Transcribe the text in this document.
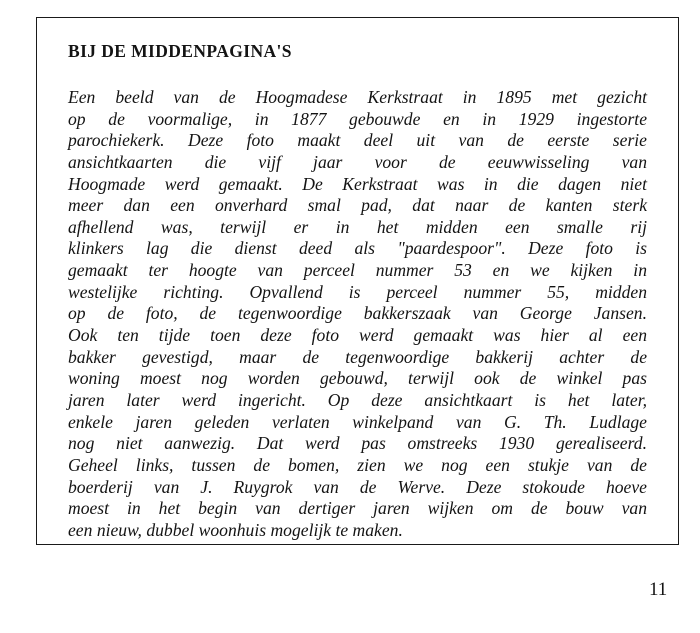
BIJ DE MIDDENPAGINA'S
Een beeld van de Hoogmadese Kerkstraat in 1895 met gezicht
op de voormalige, in 1877 gebouwde en in 1929 ingestorte
parochiekerk. Deze foto maakt deel uit van de eerste serie
ansichtkaarten die vijf jaar voor de eeuwwisseling van
Hoogmade werd gemaakt. De Kerkstraat was in die dagen niet
meer dan een onverhard smal pad, dat naar de kanten sterk
afhellend was, terwijl er in het midden een smalle rij
klinkers lag die dienst deed als "paardespoor". Deze foto is
gemaakt ter hoogte van perceel nummer 53 en we kijken in
westelijke richting. Opvallend is perceel nummer 55, midden
op de foto, de tegenwoordige bakkerszaak van George Jansen.
Ook ten tijde toen deze foto werd gemaakt was hier al een
bakker gevestigd, maar de tegenwoordige bakkerij achter de
woning moest nog worden gebouwd, terwijl ook de winkel pas
jaren later werd ingericht. Op deze ansichtkaart is het later,
enkele jaren geleden verlaten winkelpand van G. Th. Ludlage
nog niet aanwezig. Dat werd pas omstreeks 1930 gerealiseerd.
Geheel links, tussen de bomen, zien we nog een stukje van de
boerderij van J. Ruygrok van de Werve. Deze stokoude hoeve
moest in het begin van dertiger jaren wijken om de bouw van
een nieuw, dubbel woonhuis mogelijk te maken.
11
